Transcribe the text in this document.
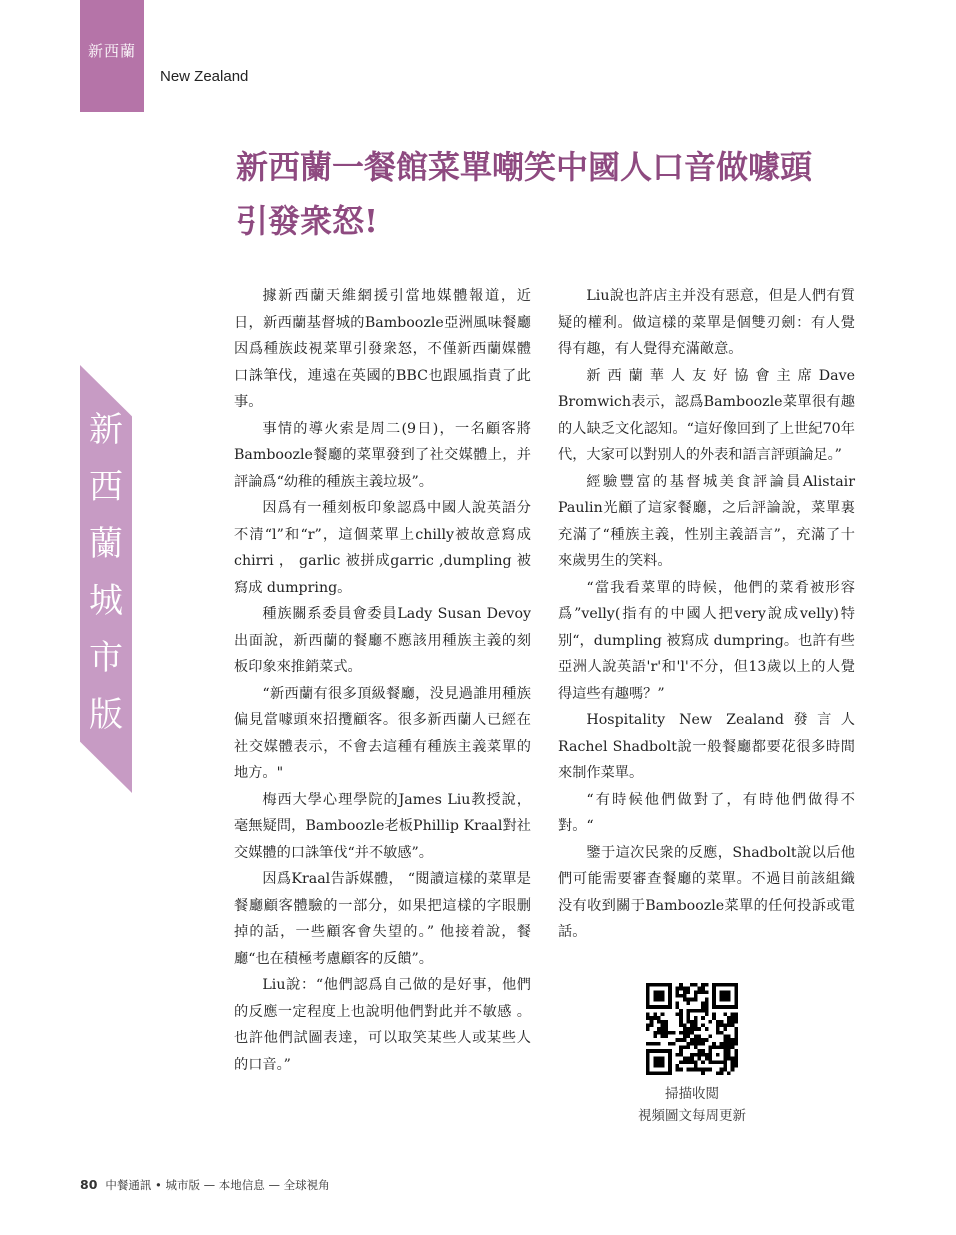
新西蘭
New Zealand
新
西
蘭
城
市
版
新西蘭一餐館菜單嘲笑中國人口音做噱頭
引發衆怒!

據新西蘭天維網援引當地媒體報道，近日，新西蘭基督城的Bamboozle亞洲風味餐廳因爲種族歧視菜單引發衆怒，不僅新西蘭媒體口誅筆伐，連遠在英國的BBC也跟風指責了此事。

事情的導火索是周二(9日)，一名顧客將Bamboozle餐廳的菜單發到了社交媒體上，并評論爲“幼稚的種族主義垃圾”。

因爲有一種刻板印象認爲中國人說英語分不清“l”和“r”，這個菜單上chilly被故意寫成chirri ， garlic 被拼成garric ,dumpling 被寫成 dumpring。

種族關系委員會委員Lady Susan Devoy出面說，新西蘭的餐廳不應該用種族主義的刻板印象來推銷菜式。

“新西蘭有很多頂級餐廳，没見過誰用種族偏見當噱頭來招攬顧客。很多新西蘭人已經在社交媒體表示，不會去這種有種族主義菜單的地方。"

梅西大學心理學院的James Liu教授說，毫無疑問，Bamboozle老板Phillip Kraal對社交媒體的口誅筆伐“并不敏感”。

因爲Kraal告訴媒體， “閱讀這樣的菜單是餐廳顧客體驗的一部分，如果把這樣的字眼删掉的話，一些顧客會失望的。” 他接着說，餐廳“也在積極考慮顧客的反饋”。

Liu說：“他們認爲自己做的是好事，他們的反應一定程度上也說明他們對此并不敏感 。也許他們試圖表達，可以取笑某些人或某些人的口音。”

Liu說也許店主并没有惡意，但是人們有質疑的權利。做這樣的菜單是個雙刃劍：有人覺得有趣，有人覺得充滿敵意。

新西蘭華人友好協會主席Dave Bromwich表示，認爲Bamboozle菜單很有趣的人缺乏文化認知。“這好像回到了上世紀70年代，大家可以對别人的外表和語言評頭論足。”

經驗豐富的基督城美食評論員Alistair Paulin光顧了這家餐廳，之后評論說，菜單裏充滿了“種族主義，性别主義語言”，充滿了十來歲男生的笑料。

“當我看菜單的時候，他們的菜肴被形容爲”velly(指有的中國人把very說成velly)特别“，dumpling 被寫成 dumpring。也許有些亞洲人說英語'r'和'l'不分，但13歲以上的人覺得這些有趣嗎？”

Hospitality New Zealand發言人Rachel Shadbolt說一般餐廳都要花很多時間來制作菜單。

“有時候他們做對了，有時他們做得不對。“

鑒于這次民衆的反應，Shadbolt說以后他們可能需要審查餐廳的菜單。不過目前該組織没有收到關于Bamboozle菜單的任何投訴或電話。

掃描收閲
視頻圖文每周更新
80 中餐通訊 • 城市版 — 本地信息 — 全球視角
